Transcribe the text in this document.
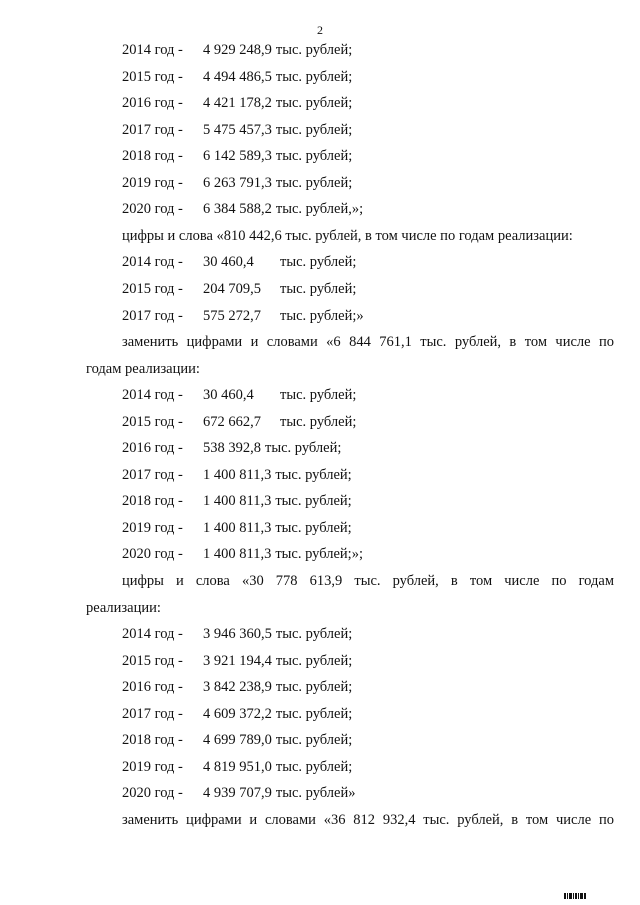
2
2014 год - 4 929 248,9 тыс. рублей;
2015 год - 4 494 486,5 тыс. рублей;
2016 год - 4 421 178,2 тыс. рублей;
2017 год - 5 475 457,3 тыс. рублей;
2018 год - 6 142 589,3 тыс. рублей;
2019 год - 6 263 791,3 тыс. рублей;
2020 год - 6 384 588,2 тыс. рублей,»;
цифры и слова «810 442,6 тыс. рублей, в том числе по годам реализации:
2014 год - 30 460,4 тыс. рублей;
2015 год - 204 709,5 тыс. рублей;
2017 год - 575 272,7 тыс. рублей;»
заменить цифрами и словами «6 844 761,1 тыс. рублей, в том числе по
годам реализации:
2014 год - 30 460,4 тыс. рублей;
2015 год - 672 662,7 тыс. рублей;
2016 год - 538 392,8 тыс. рублей;
2017 год - 1 400 811,3 тыс. рублей;
2018 год - 1 400 811,3 тыс. рублей;
2019 год - 1 400 811,3 тыс. рублей;
2020 год - 1 400 811,3 тыс. рублей;»;
цифры и слова «30 778 613,9 тыс. рублей, в том числе по годам
реализации:
2014 год - 3 946 360,5 тыс. рублей;
2015 год - 3 921 194,4 тыс. рублей;
2016 год - 3 842 238,9 тыс. рублей;
2017 год - 4 609 372,2 тыс. рублей;
2018 год - 4 699 789,0 тыс. рублей;
2019 год - 4 819 951,0 тыс. рублей;
2020 год - 4 939 707,9 тыс. рублей»
заменить цифрами и словами «36 812 932,4 тыс. рублей, в том числе по
